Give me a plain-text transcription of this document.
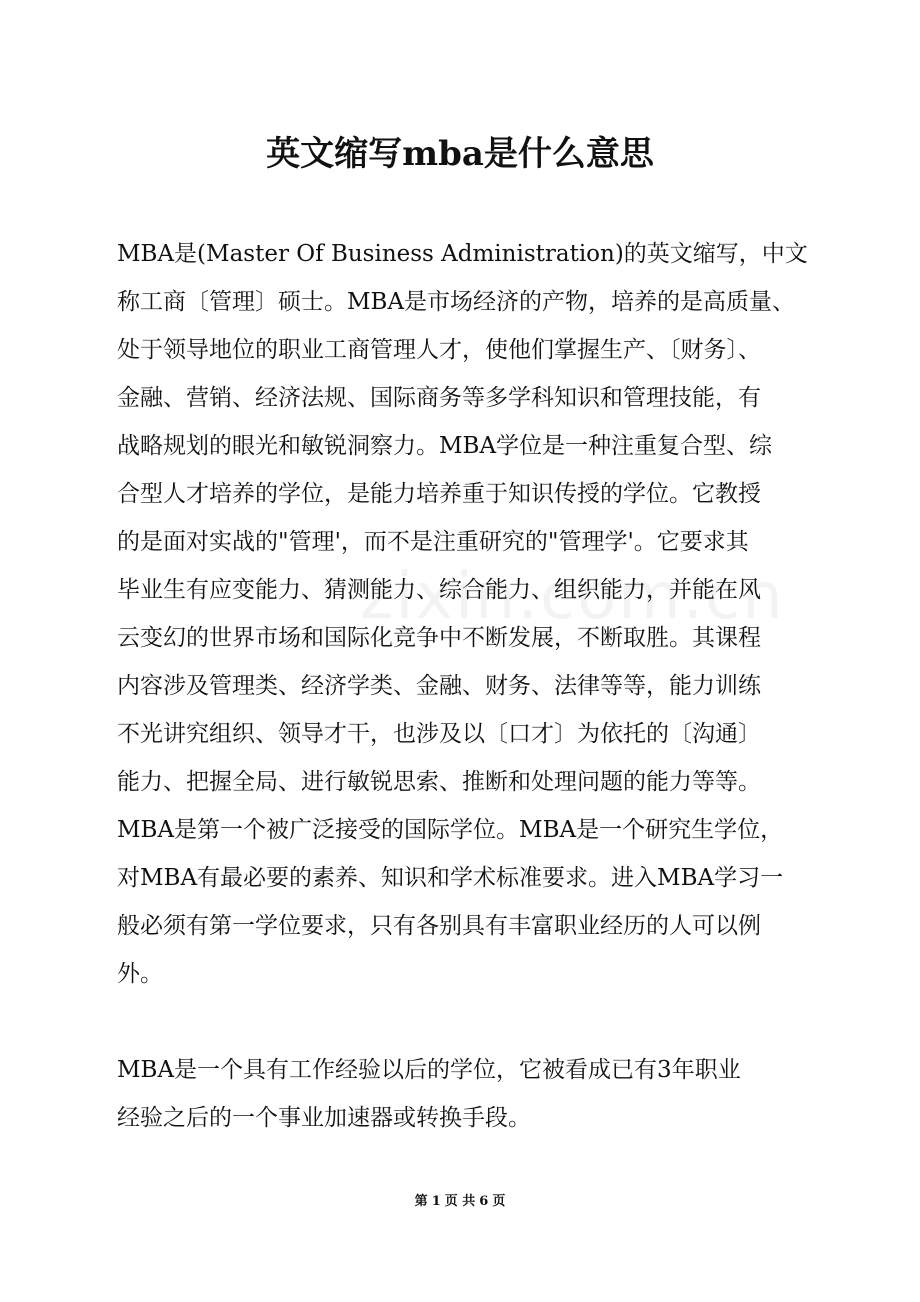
英文缩写mba是什么意思

MBA是(Master Of Business Administration)的英文缩写，中文

称工商〔管理〕硕士。MBA是市场经济的产物，培养的是高质量、

处于领导地位的职业工商管理人才，使他们掌握生产、〔财务〕、

金融、营销、经济法规、国际商务等多学科知识和管理技能，有

战略规划的眼光和敏锐洞察力。MBA学位是一种注重复合型、综

合型人才培养的学位，是能力培养重于知识传授的学位。它教授

的是面对实战的"管理'，而不是注重研究的"管理学'。它要求其

毕业生有应变能力、猜测能力、综合能力、组织能力，并能在风

云变幻的世界市场和国际化竞争中不断发展，不断取胜。其课程

内容涉及管理类、经济学类、金融、财务、法律等等，能力训练

不光讲究组织、领导才干，也涉及以〔口才〕为依托的〔沟通〕

能力、把握全局、进行敏锐思索、推断和处理问题的能力等等。

MBA是第一个被广泛接受的国际学位。MBA是一个研究生学位，

对MBA有最必要的素养、知识和学术标准要求。进入MBA学习一

般必须有第一学位要求，只有各别具有丰富职业经历的人可以例

外。

MBA是一个具有工作经验以后的学位，它被看成已有3年职业

经验之后的一个事业加速器或转换手段。

第 1 页 共 6 页
